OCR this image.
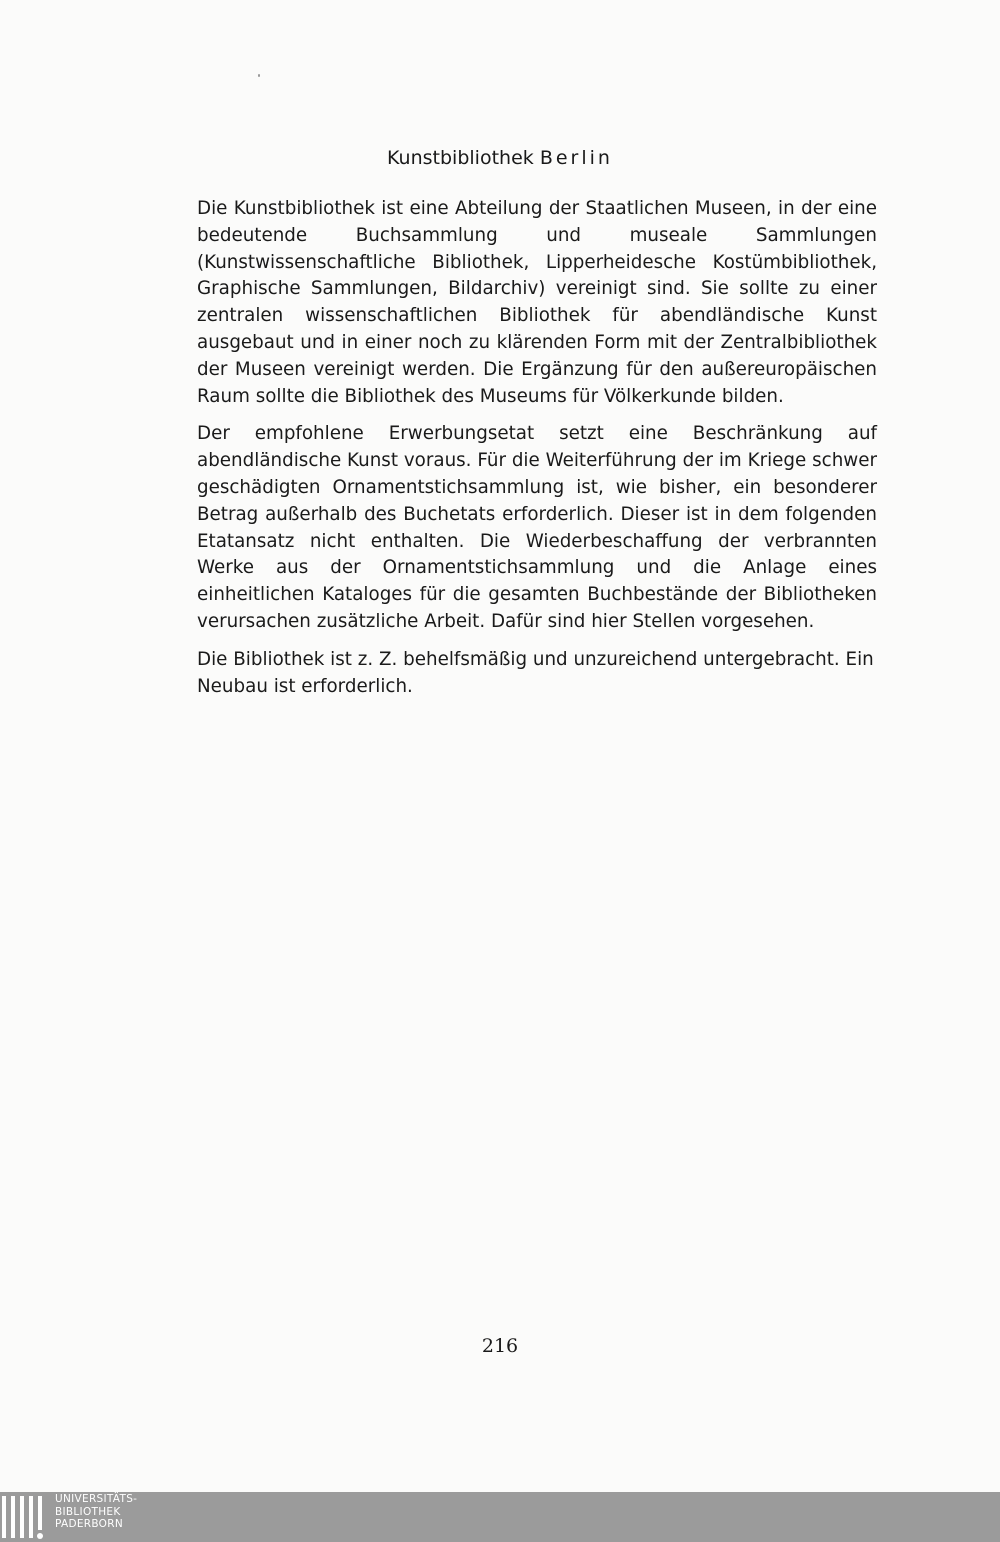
Kunstbibliothek Berlin

Die Kunstbibliothek ist eine Abteilung der Staatlichen Museen, in der eine bedeutende Buchsammlung und museale Sammlungen (Kunstwissenschaftliche Bibliothek, Lipperheidesche Kostümbibliothek, Graphische Sammlungen, Bildarchiv) vereinigt sind. Sie sollte zu einer zentralen wissenschaftlichen Bibliothek für abendländische Kunst ausgebaut und in einer noch zu klärenden Form mit der Zentralbibliothek der Museen vereinigt werden. Die Ergänzung für den außereuropäischen Raum sollte die Bibliothek des Museums für Völkerkunde bilden.

Der empfohlene Erwerbungsetat setzt eine Beschränkung auf abendländische Kunst voraus. Für die Weiterführung der im Kriege schwer geschädigten Ornamentstichsammlung ist, wie bisher, ein besonderer Betrag außerhalb des Buchetats erforderlich. Dieser ist in dem folgenden Etatansatz nicht enthalten. Die Wiederbeschaffung der verbrannten Werke aus der Ornamentstichsammlung und die Anlage eines einheitlichen Kataloges für die gesamten Buchbestände der Bibliotheken verursachen zusätzliche Arbeit. Dafür sind hier Stellen vorgesehen.

Die Bibliothek ist z. Z. behelfsmäßig und unzureichend untergebracht. Ein Neubau ist erforderlich.

216
UNIVERSITÄTS-
BIBLIOTHEK
PADERBORN
